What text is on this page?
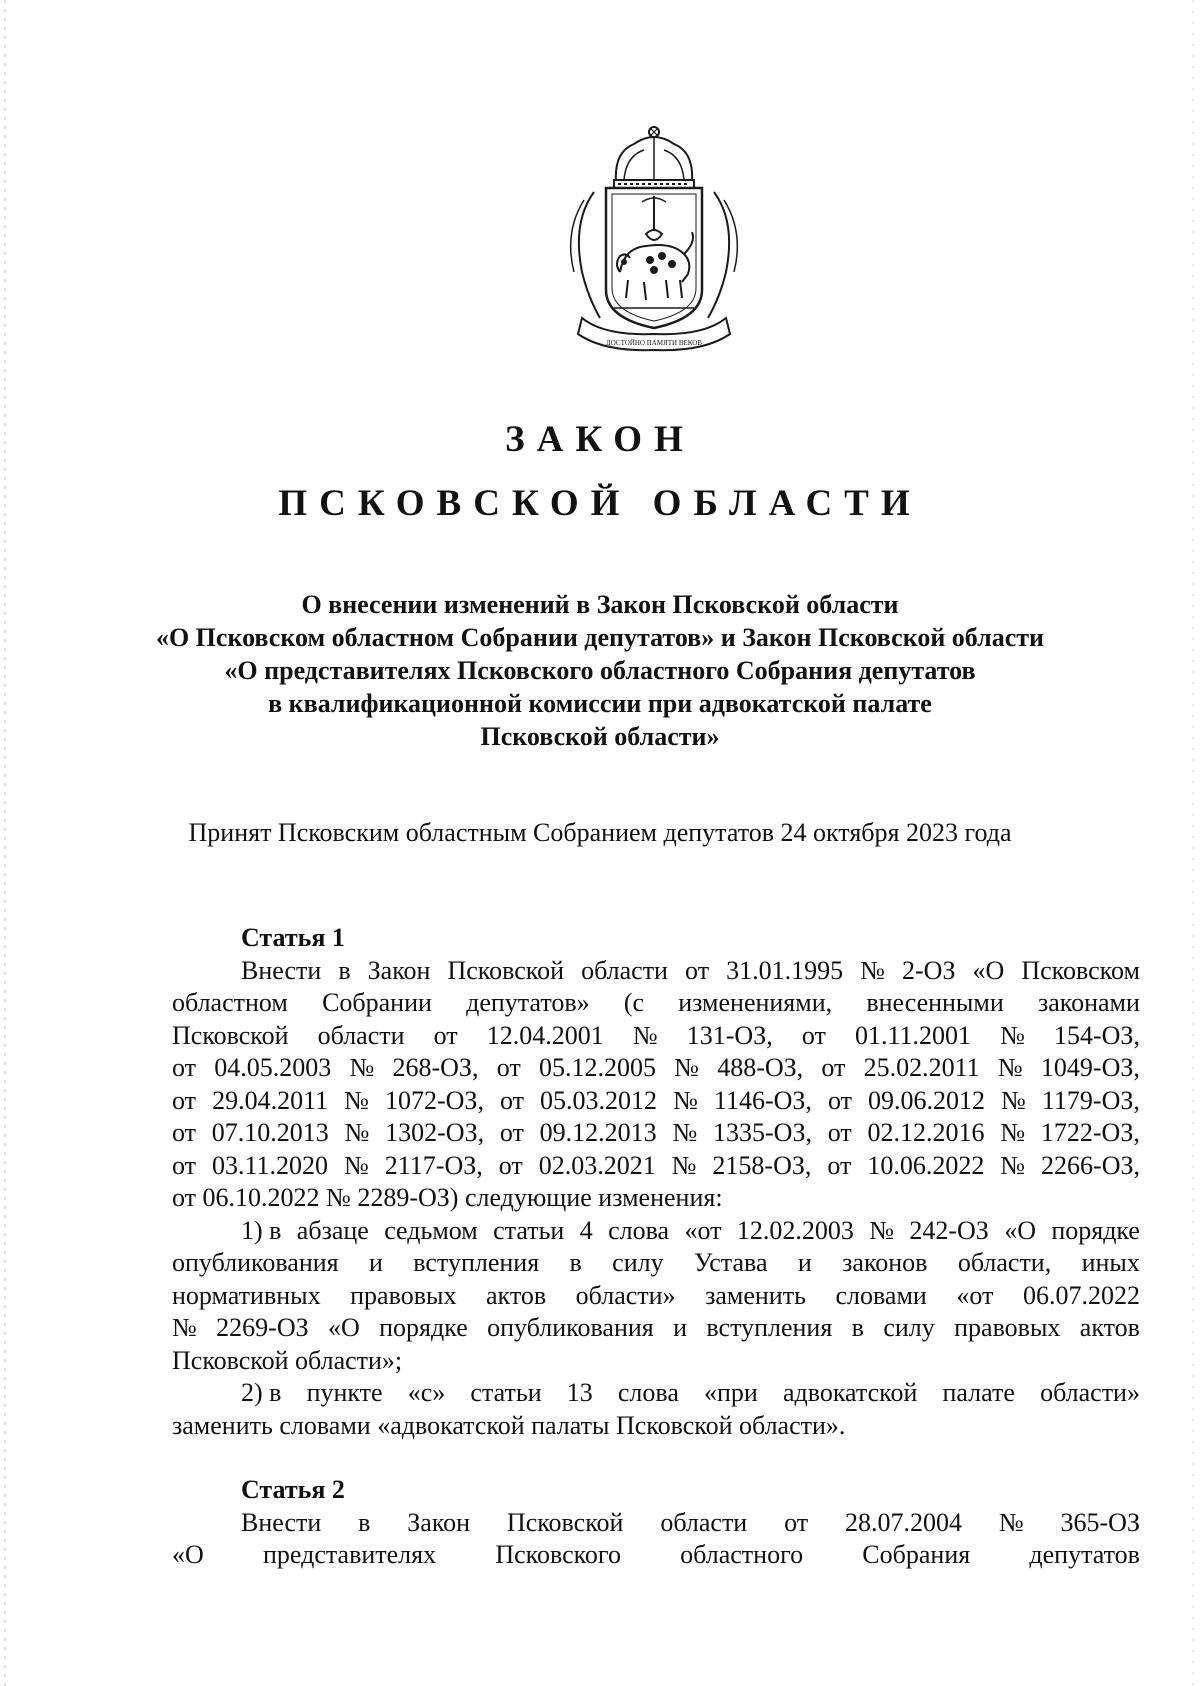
ДОСТОЙНО ПАМЯТИ ВЕКОВ
ЗАКОН
ПСКОВСКОЙ ОБЛАСТИ
О внесении изменений в Закон Псковской области
«О Псковском областном Собрании депутатов» и Закон Псковской области
«О представителях Псковского областного Собрания депутатов
в квалификационной комиссии при адвокатской палате
Псковской области»
Принят Псковским областным Собранием депутатов 24 октября 2023 года
Статья 1
Внести в Закон Псковской области от 31.01.1995 № 2-ОЗ «О Псковском
областном Собрании депутатов» (с изменениями, внесенными законами
Псковской области от 12.04.2001 № 131-ОЗ, от 01.11.2001 № 154-ОЗ,
от 04.05.2003 № 268-ОЗ, от 05.12.2005 № 488-ОЗ, от 25.02.2011 № 1049-ОЗ,
от 29.04.2011 № 1072-ОЗ, от 05.03.2012 № 1146-ОЗ, от 09.06.2012 № 1179-ОЗ,
от 07.10.2013 № 1302-ОЗ, от 09.12.2013 № 1335-ОЗ, от 02.12.2016 № 1722-ОЗ,
от 03.11.2020 № 2117-ОЗ, от 02.03.2021 № 2158-ОЗ, от 10.06.2022 № 2266-ОЗ,
от 06.10.2022 № 2289-ОЗ) следующие изменения:
1) в абзаце седьмом статьи 4 слова «от 12.02.2003 № 242-ОЗ «О порядке
опубликования и вступления в силу Устава и законов области, иных
нормативных правовых актов области» заменить словами «от 06.07.2022
№ 2269-ОЗ «О порядке опубликования и вступления в силу правовых актов
Псковской области»;
2) в пункте «с» статьи 13 слова «при адвокатской палате области»
заменить словами «адвокатской палаты Псковской области».
Статья 2
Внести в Закон Псковской области от 28.07.2004 № 365-ОЗ
«О представителях Псковского областного Собрания депутатов
